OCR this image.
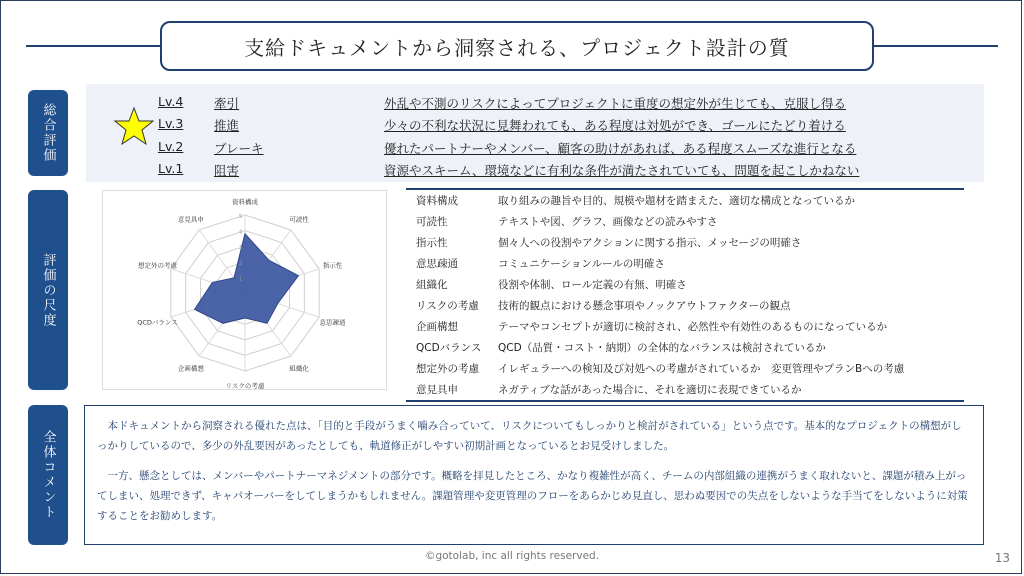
支給ドキュメントから洞察される、プロジェクト設計の質
総合評価
評価の尺度
全体コメント
Lv.4	牽引	外乱や不測のリスクによってプロジェクトに重度の想定外が生じても、克服し得る
Lv.3	推進	少々の不利な状況に見舞われても、ある程度は対処ができ、ゴールにたどり着ける
Lv.2	ブレーキ	優れたパートナーやメンバー、顧客の助けがあれば、ある程度スムーズな進行となる
Lv.1	阻害	資源やスキーム、環境などに有利な条件が満たされていても、問題を起こしかねない
1
2
3
4
5
資料構成
可読性
指示性
意思疎通
組織化
リスクの考慮
企画構想
QCDバランス
想定外の考慮
意見具申
資料構成	取り組みの趣旨や目的、規模や題材を踏まえた、適切な構成となっているか
可読性	テキストや図、グラフ、画像などの読みやすさ
指示性	個々人への役割やアクションに関する指示、メッセージの明確さ
意思疎通	コミュニケーションルールの明確さ
組織化	役割や体制、ロール定義の有無、明確さ
リスクの考慮	技術的観点における懸念事項やノックアウトファクターの観点
企画構想	テーマやコンセプトが適切に検討され、必然性や有効性のあるものになっているか
QCDバランス	QCD（品質・コスト・納期）の全体的なバランスは検討されているか
想定外の考慮	イレギュラーへの検知及び対処への考慮がされているか　変更管理やプランBへの考慮
意見具申	ネガティブな話があった場合に、それを適切に表現できているか

本ドキュメントから洞察される優れた点は、「目的と手段がうまく噛み合っていて、リスクについてもしっかりと検討がされている」という点です。基本的なプロジェクトの構想がしっかりしているので、多少の外乱要因があったとしても、軌道修正がしやすい初期計画となっているとお見受けしました。

一方、懸念としては、メンバーやパートナーマネジメントの部分です。概略を拝見したところ、かなり複雑性が高く、チームの内部組織の連携がうまく取れないと、課題が積み上がってしまい、処理できず、キャパオーバーをしてしまうかもしれません。課題管理や変更管理のフローをあらかじめ見直し、思わぬ要因での失点をしないような手当てをしないように対策することをお勧めします。

©gotolab, inc all rights reserved.	13
